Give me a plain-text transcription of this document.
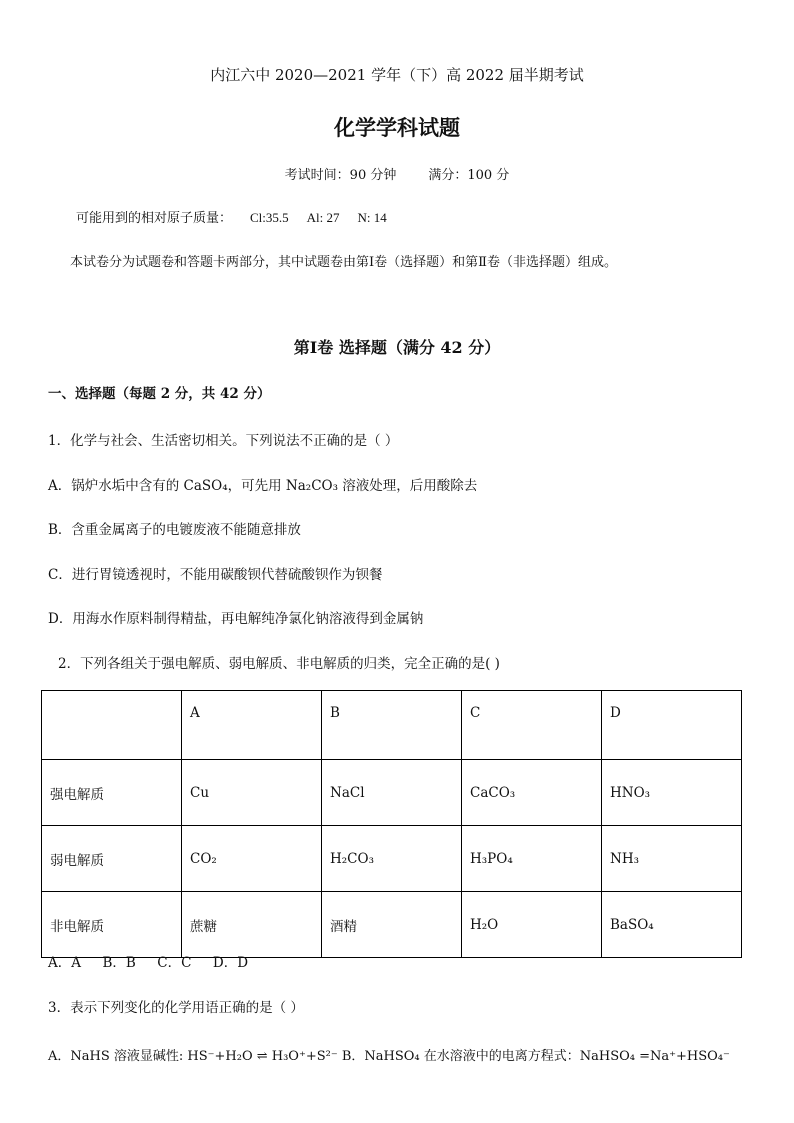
内江六中 2020—2021 学年（下）高 2022 届半期考试
化学学科试题
考试时间：90 分钟 满分：100 分
可能用到的相对原子质量： Cl:35.5 Al: 27 N: 14
本试卷分为试题卷和答题卡两部分，其中试题卷由第Ⅰ卷（选择题）和第Ⅱ卷（非选择题）组成。
第Ⅰ卷 选择题（满分 42 分）
一、选择题（每题 2 分，共 42 分）
1．化学与社会、生活密切相关。下列说法不正确的是（ ）
A．锅炉水垢中含有的 CaSO₄，可先用 Na₂CO₃ 溶液处理，后用酸除去
B．含重金属离子的电镀废液不能随意排放
C．进行胃镜透视时，不能用碳酸钡代替硫酸钡作为钡餐
D．用海水作原料制得精盐，再电解纯净氯化钠溶液得到金属钠
2．下列各组关于强电解质、弱电解质、非电解质的归类，完全正确的是( )
	A	B	C	D
强电解质	Cu	NaCl	CaCO₃	HNO₃
弱电解质	CO₂	H₂CO₃	H₃PO₄	NH₃
非电解质	蔗糖	酒精	H₂O	BaSO₄
A．A     B．B     C．C     D．D
3．表示下列变化的化学用语正确的是（ ）
A．NaHS 溶液显碱性: HS⁻+H₂O ⇌ H₃O⁺+S²⁻ B．NaHSO₄ 在水溶液中的电离方程式：NaHSO₄ =Na⁺+HSO₄⁻
